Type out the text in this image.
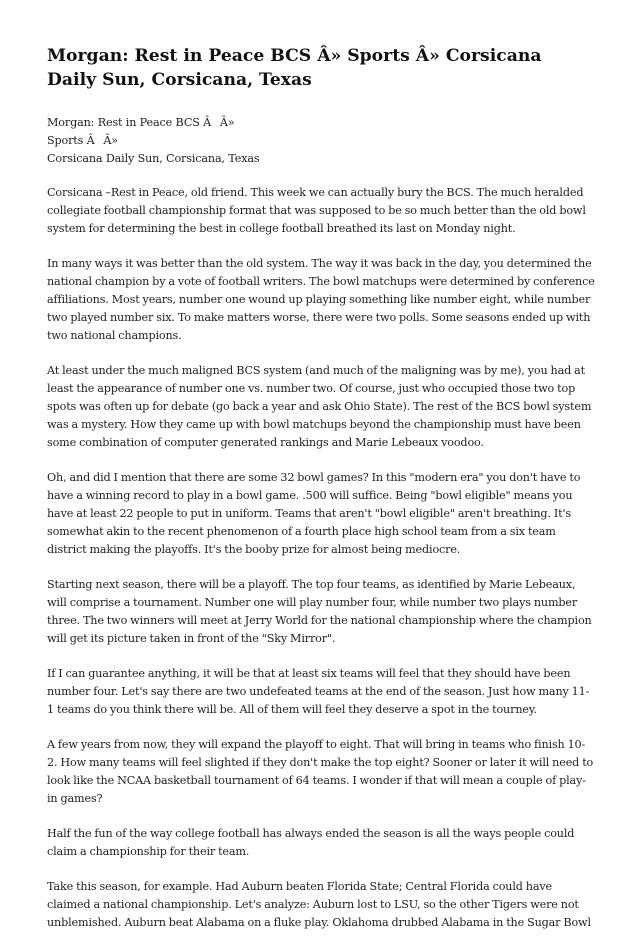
Morgan: Rest in Peace BCS Â» Sports Â» Corsicana Daily Sun, Corsicana, Texas
Morgan: Rest in Peace BCS ÂÂ»
Sports ÂÂ»
Corsicana Daily Sun, Corsicana, Texas

Corsicana –Rest in Peace, old friend. This week we can actually bury the BCS. The much heralded collegiate football championship format that was supposed to be so much better than the old bowl system for determining the best in college football breathed its last on Monday night.

In many ways it was better than the old system. The way it was back in the day, you determined the national champion by a vote of football writers. The bowl matchups were determined by conference affiliations. Most years, number one wound up playing something like number eight, while number two played number six. To make matters worse, there were two polls. Some seasons ended up with two national champions.

At least under the much maligned BCS system (and much of the maligning was by me), you had at least the appearance of number one vs. number two. Of course, just who occupied those two top spots was often up for debate (go back a year and ask Ohio State). The rest of the BCS bowl system was a mystery. How they came up with bowl matchups beyond the championship must have been some combination of computer generated rankings and Marie Lebeaux voodoo.

Oh, and did I mention that there are some 32 bowl games? In this "modern era" you don't have to have a winning record to play in a bowl game. .500 will suffice. Being "bowl eligible" means you have at least 22 people to put in uniform. Teams that aren't "bowl eligible" aren't breathing. It's somewhat akin to the recent phenomenon of a fourth place high school team from a six team district making the playoffs. It's the booby prize for almost being mediocre.

Starting next season, there will be a playoff. The top four teams, as identified by Marie Lebeaux, will comprise a tournament. Number one will play number four, while number two plays number three. The two winners will meet at Jerry World for the national championship where the champion will get its picture taken in front of the "Sky Mirror".

If I can guarantee anything, it will be that at least six teams will feel that they should have been number four. Let's say there are two undefeated teams at the end of the season. Just how many 11-1 teams do you think there will be. All of them will feel they deserve a spot in the tourney.

A few years from now, they will expand the playoff to eight. That will bring in teams who finish 10-2. How many teams will feel slighted if they don't make the top eight? Sooner or later it will need to look like the NCAA basketball tournament of 64 teams. I wonder if that will mean a couple of play-in games?

Half the fun of the way college football has always ended the season is all the ways people could claim a championship for their team.

Take this season, for example. Had Auburn beaten Florida State; Central Florida could have claimed a national championship. Let's analyze: Auburn lost to LSU, so the other Tigers were not unblemished. Auburn beat Alabama on a fluke play. Oklahoma drubbed Alabama in the Sugar Bowl
